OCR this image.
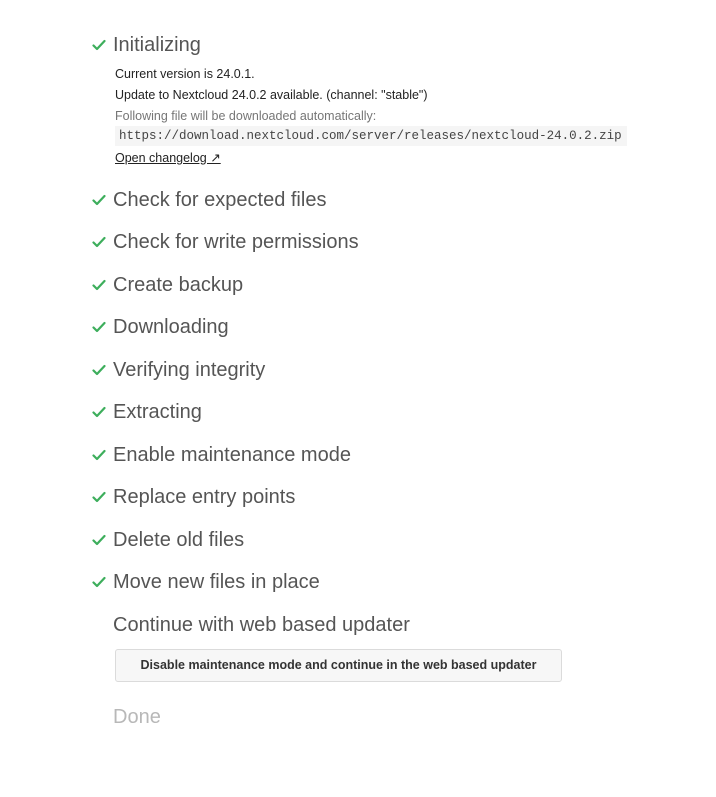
Initializing
Current version is 24.0.1.
Update to Nextcloud 24.0.2 available. (channel: "stable")
Following file will be downloaded automatically:
https://download.nextcloud.com/server/releases/nextcloud-24.0.2.zip
Open changelog ↗
Check for expected files
Check for write permissions
Create backup
Downloading
Verifying integrity
Extracting
Enable maintenance mode
Replace entry points
Delete old files
Move new files in place
Continue with web based updater
Disable maintenance mode and continue in the web based updater
Done
